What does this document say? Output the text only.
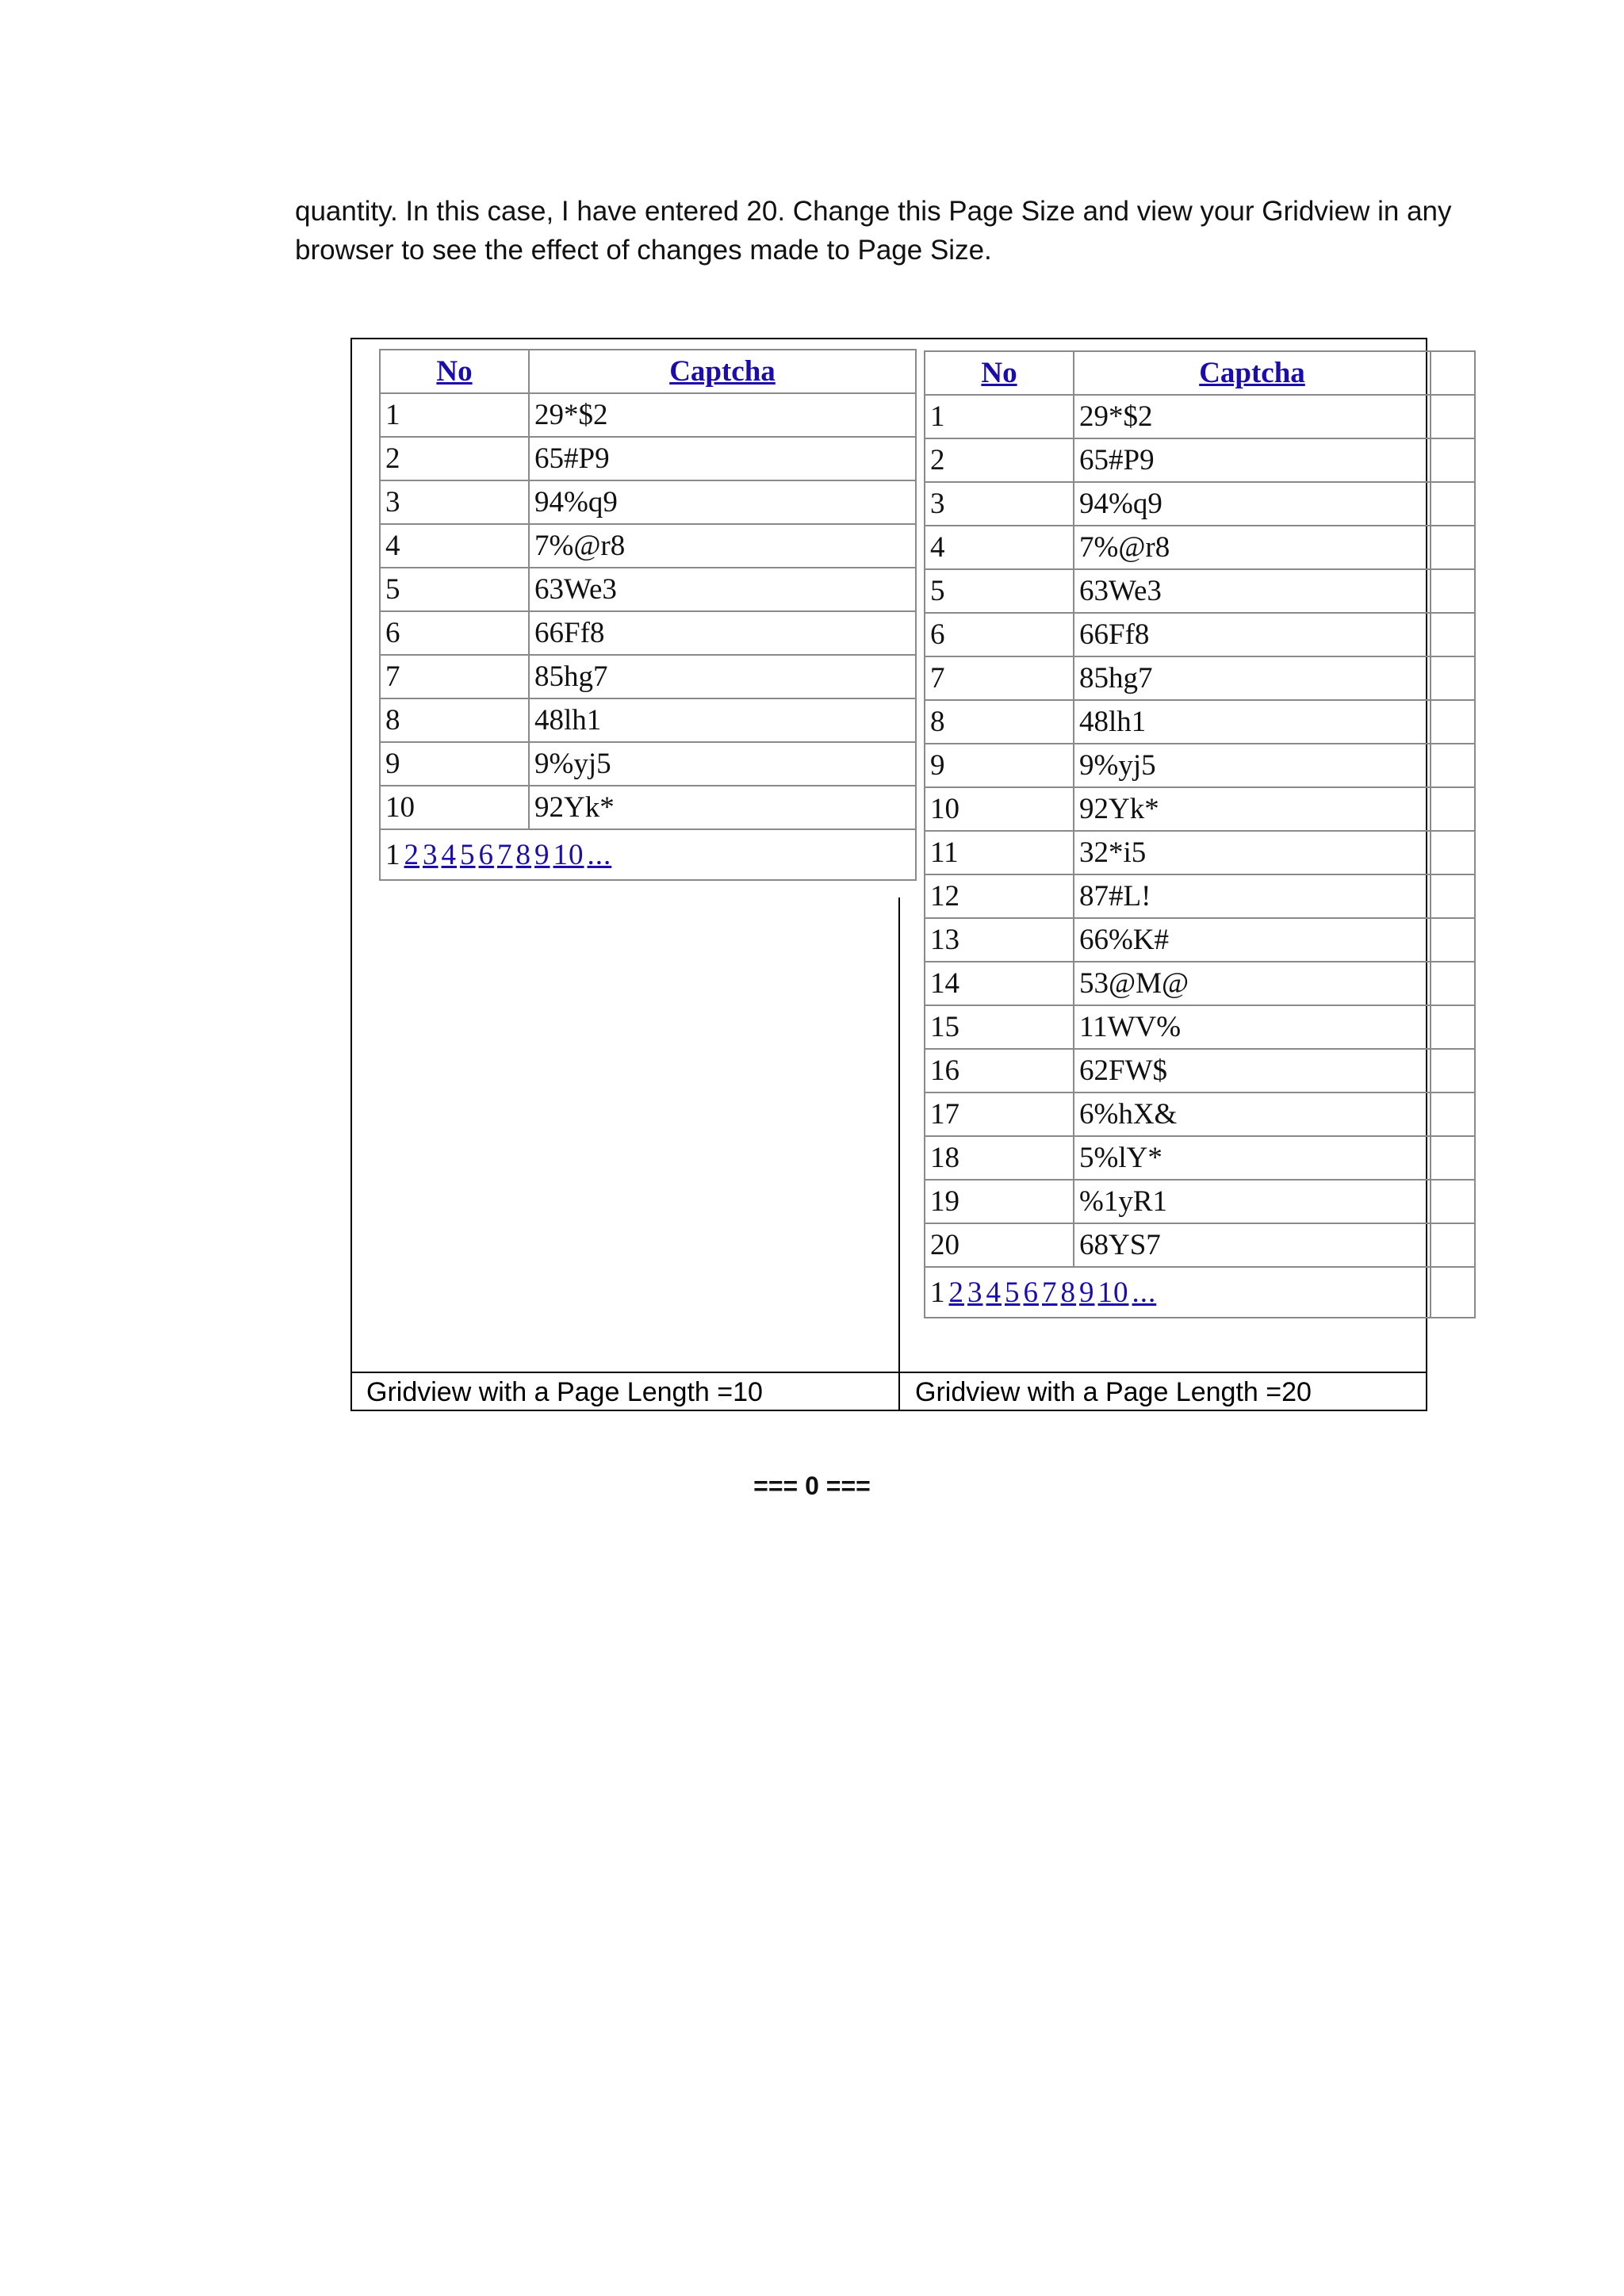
quantity. In this case, I have entered 20. Change this Page Size and view your Gridview in any

browser to see the effect of changes made to Page Size.

No	Captcha
1	29*$2
2	65#P9
3	94%q9
4	7%@r8
5	63We3
6	66Ff8
7	85hg7
8	48lh1
9	9%yj5
10	92Yk*
1 2 3 4 5 6 7 8 9 10 ...	
No	Captcha	
1	29*$2	
2	65#P9	
3	94%q9	
4	7%@r8	
5	63We3	
6	66Ff8	
7	85hg7	
8	48lh1	
9	9%yj5	
10	92Yk*	
11	32*i5	
12	87#L!	
13	66%K#	
14	53@M@	
15	11WV%	
16	62FW$	
17	6%hX&	
18	5%lY*	
19	%1yR1	
20	68YS7	
1 2 3 4 5 6 7 8 9 10 ...		
Gridview with a Page Length =10	Gridview with a Page Length =20
=== 0 ===
